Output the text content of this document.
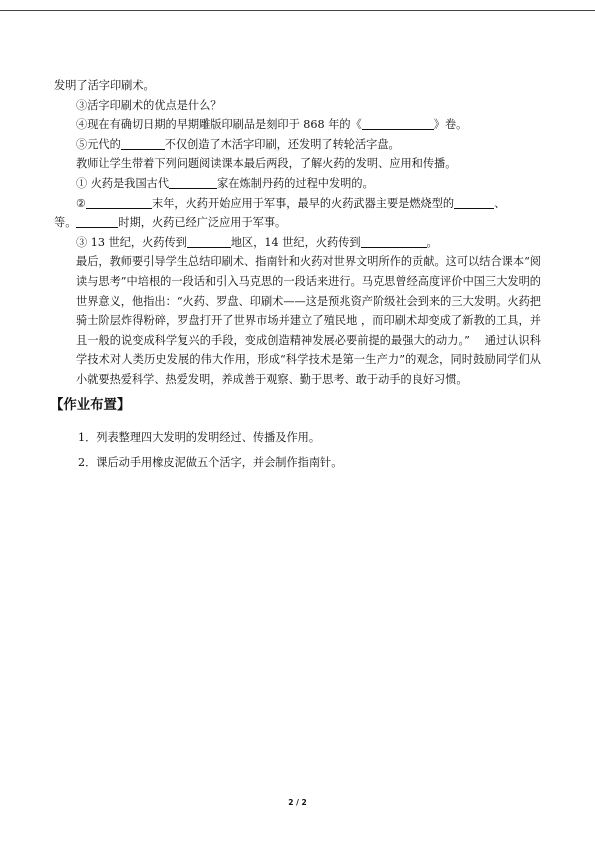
发明了活字印刷术。

③活字印刷术的优点是什么？

④现在有确切日期的早期雕版印刷品是刻印于 868 年的《	》卷。

⑤元代的	不仅创造了木活字印刷，还发明了转轮活字盘。

教师让学生带着下列问题阅读课本最后两段，了解火药的发明、应用和传播。

① 火药是我国古代	家在炼制丹药的过程中发明的。

②	末年，火药开始应用于军事，最早的火药武器主要是燃烧型的	、

等。	时期，火药已经广泛应用于军事。

③ 13 世纪，火药传到	地区，14 世纪，火药传到	。

最后，教师要引导学生总结印刷术、指南针和火药对世界文明所作的贡献。这可以结合课本“阅读与思考”中培根的一段话和引入马克思的一段话来进行。马克思曾经高度评价中国三大发明的世界意义，他指出：“火药、罗盘、印刷术——这是预兆资产阶级社会到来的三大发明。火药把骑士阶层炸得粉碎，罗盘打开了世界市场并建立了殖民地 ，而印刷术却变成了新教的工具，并且一般的说变成科学复兴的手段，变成创造精神发展必要前提的最强大的动力。”　 通过认识科学技术对人类历史发展的伟大作用，形成“科学技术是第一生产力”的观念，同时鼓励同学们从小就要热爱科学、热爱发明，养成善于观察、勤于思考、敢于动手的良好习惯。

【作业布置】

1．列表整理四大发明的发明经过、传播及作用。

2．课后动手用橡皮泥做五个活字，并会制作指南针。

2 / 2
